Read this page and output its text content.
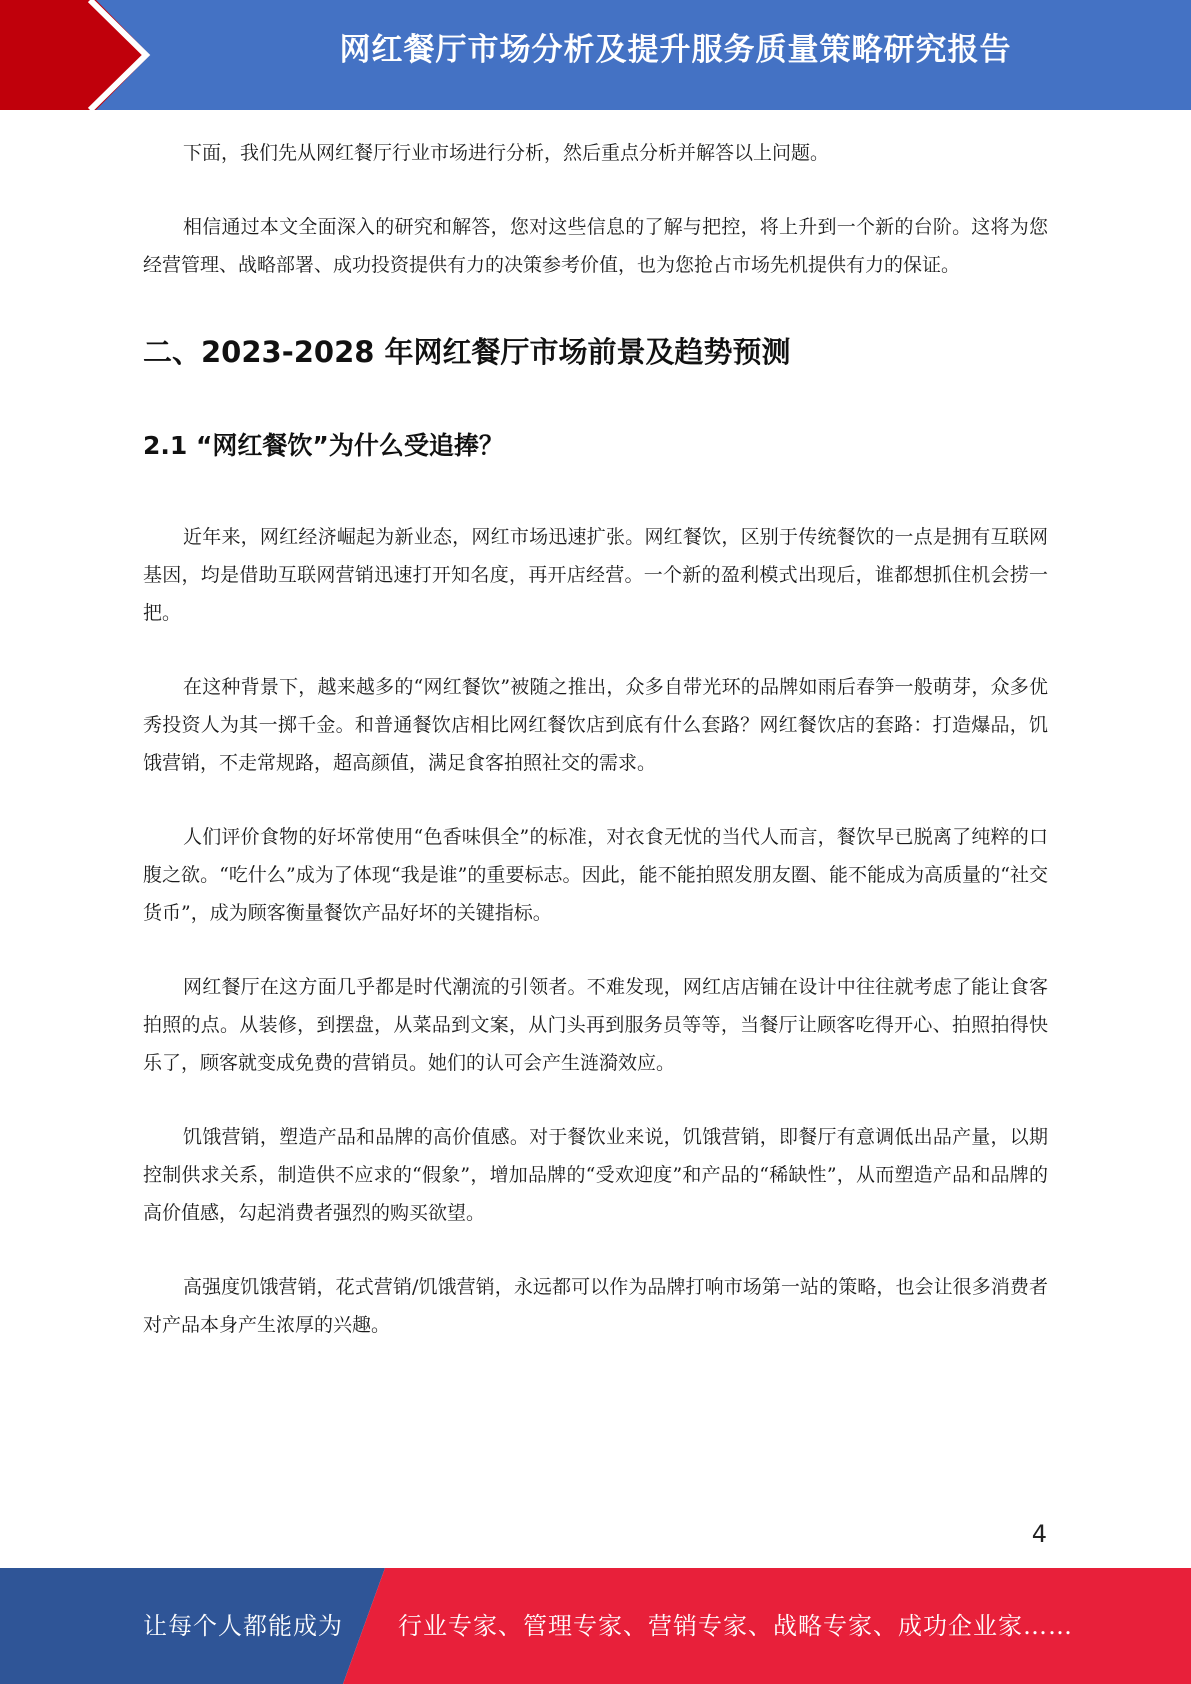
网红餐厅市场分析及提升服务质量策略研究报告

下面，我们先从网红餐厅行业市场进行分析，然后重点分析并解答以上问题。

相信通过本文全面深入的研究和解答，您对这些信息的了解与把控，将上升到一个新的台阶。这将为您经营管理、战略部署、成功投资提供有力的决策参考价值，也为您抢占市场先机提供有力的保证。

二、2023-2028 年网红餐厅市场前景及趋势预测
2.1 “网红餐饮”为什么受追捧？

近年来，网红经济崛起为新业态，网红市场迅速扩张。网红餐饮，区别于传统餐饮的一点是拥有互联网基因，均是借助互联网营销迅速打开知名度，再开店经营。一个新的盈利模式出现后，谁都想抓住机会捞一把。

在这种背景下，越来越多的“网红餐饮”被随之推出，众多自带光环的品牌如雨后春笋一般萌芽，众多优秀投资人为其一掷千金。和普通餐饮店相比网红餐饮店到底有什么套路？网红餐饮店的套路：打造爆品，饥饿营销，不走常规路，超高颜值，满足食客拍照社交的需求。

人们评价食物的好坏常使用“色香味俱全”的标准，对衣食无忧的当代人而言，餐饮早已脱离了纯粹的口腹之欲。“吃什么”成为了体现“我是谁”的重要标志。因此，能不能拍照发朋友圈、能不能成为高质量的“社交货币”，成为顾客衡量餐饮产品好坏的关键指标。

网红餐厅在这方面几乎都是时代潮流的引领者。不难发现，网红店店铺在设计中往往就考虑了能让食客拍照的点。从装修，到摆盘，从菜品到文案，从门头再到服务员等等，当餐厅让顾客吃得开心、拍照拍得快乐了，顾客就变成免费的营销员。她们的认可会产生涟漪效应。

饥饿营销，塑造产品和品牌的高价值感。对于餐饮业来说，饥饿营销，即餐厅有意调低出品产量，以期控制供求关系，制造供不应求的“假象”，增加品牌的“受欢迎度”和产品的“稀缺性”，从而塑造产品和品牌的高价值感，勾起消费者强烈的购买欲望。

高强度饥饿营销，花式营销/饥饿营销，永远都可以作为品牌打响市场第一站的策略，也会让很多消费者对产品本身产生浓厚的兴趣。

4
让每个人都能成为 行业专家、管理专家、营销专家、战略专家、成功企业家……
